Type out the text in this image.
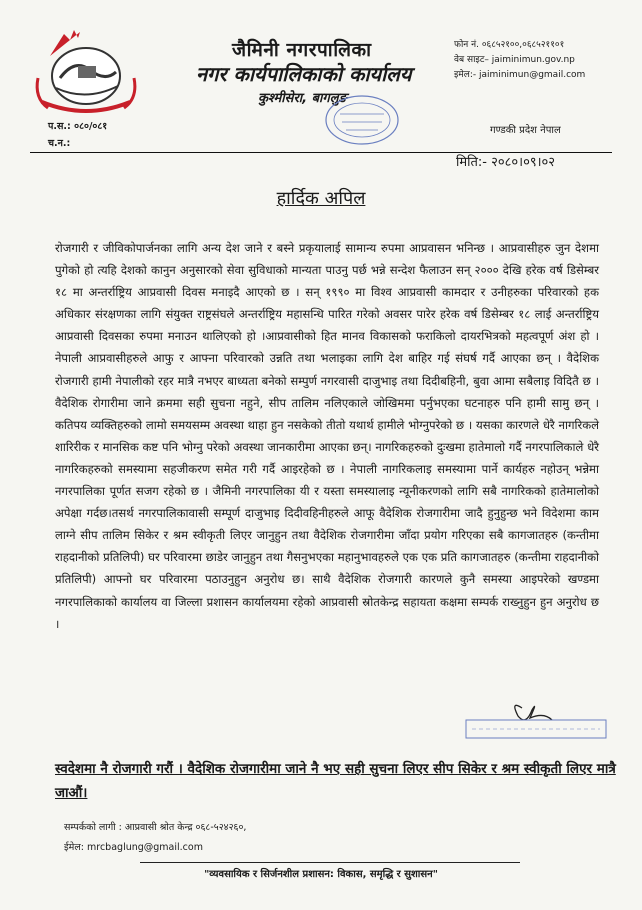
जैमिनी नगरपालिका
नगर कार्यपालिकाको कार्यालय
कुश्मीसेरा, बागलुङ
फोन नं. ०६८५२१००,०६८५२११०१
वेब साइट– jaiminimun.gov.np
इमेल:- jaiminimun@gmail.com
प.स.: ०८०/०८१
च.न.:
गण्डकी प्रदेश नेपाल
मिति:- २०८०।०९।०२
हार्दिक अपिल
रोजगारी र जीविकोपार्जनका लागि अन्य देश जाने र बस्ने प्रकृयालाई सामान्य रुपमा आप्रवासन भनिन्छ । आप्रवासीहरु जुन देशमा पुगेको हो त्यहि देशको कानुन अनुसारको सेवा सुविधाको मान्यता पाउनु पर्छ भन्ने सन्देश फैलाउन सन् २००० देखि हरेक वर्ष डिसेम्बर १८ मा अन्तर्राष्ट्रिय आप्रवासी दिवस मनाइदै आएको छ । सन् १९९० मा विश्व आप्रवासी कामदार र उनीहरुका परिवारको हक अधिकार संरक्षणका लागि संयुक्त राष्ट्रसंघले अन्तर्राष्ट्रिय महासन्धि पारित गरेको अवसर पारेर हरेक वर्ष डिसेम्बर १८ लाई अन्तर्राष्ट्रिय आप्रवासी दिवसका रुपमा मनाउन थालिएको हो ।आप्रवासीको हित मानव विकासको फराकिलो दायरभित्रको महत्वपूर्ण अंश हो ।नेपाली आप्रवासीहरुले आफु र आफ्ना परिवारको उन्नति तथा भलाइका लागि देश बाहिर गई संघर्ष गर्दै आएका छन् । वैदेशिक रोजगारी हामी नेपालीको रहर मात्रै नभएर बाध्यता बनेको सम्पुर्ण नगरवासी दाजुभाइ तथा दिदीबहिनी, बुवा आमा सबैलाइ विदितै छ । वैदेशिक रोगारीमा जाने क्रममा सही सुचना नहुने, सीप तालिम नलिएकाले जोखिममा पर्नुभएका घटनाहरु पनि हामी सामु छन् ।कतिपय व्यक्तिहरुको लामो समयसम्म अवस्था थाहा हुन नसकेको तीतो यथार्थ हामीले भोग्नुपरेको छ । यसका कारणले धेरै नागरिकले शारिरीक र मानसिक कष्ट पनि भोग्नु परेको अवस्था जानकारीमा आएका छन्। नागरिकहरुको दुःखमा हातेमालो गर्दै नगरपालिकाले धेरै नागरिकहरुको समस्यामा सहजीकरण समेत गरी गर्दै आइरहेको छ । नेपाली नागरिकलाइ समस्यामा पार्ने कार्यहरु नहोउन् भन्नेमा नगरपालिका पूर्णत सजग रहेको छ । जैमिनी नगरपालिका यी र यस्ता समस्यालाइ न्यूनीकरणको लागि सबै नागरिकको हातेमालोको अपेक्षा गर्दछ।तसर्थ नगरपालिकावासी सम्पूर्ण दाजुभाइ दिदीवहिनीहरुले आफू वैदेशिक रोजगारीमा जादै हुनुहुन्छ भने विदेशमा काम लाग्ने सीप तालिम सिकेर र श्रम स्वीकृती लिएर जानुहुन तथा वैदेशिक रोजगारीमा जाँदा प्रयोग गरिएका सबै कागजातहरु (कन्तीमा राहदानीको प्रतिलिपी) घर परिवारमा छाडेर जानुहुन तथा गैसनुभएका महानुभावहरुले एक एक प्रति कागजातहरु (कन्तीमा राहदानीको प्रतिलिपी) आफ्नो घर परिवारमा पठाउनुहुन अनुरोध छ। साथै वैदेशिक रोजगारी कारणले कुनै समस्या आइपरेको खण्डमा नगरपालिकाको कार्यालय वा जिल्ला प्रशासन कार्यालयमा रहेको आप्रवासी स्रोतकेन्द्र सहायता कक्षमा सम्पर्क राख्नुहुन हुन अनुरोध छ ।
स्वदेशमा नै रोजगारी गरौं । वैदेशिक रोजगारीमा जाने नै भए सही सुचना लिएर सीप सिकेर र श्रम स्वीकृती लिएर मात्रै जाऔं।
सम्पर्कको लागी : आप्रवासी श्रोत केन्द्र ०६८-५२४२६०,
ईमेल: mrcbaglung@gmail.com
"व्यवसायिक र सिर्जनशील प्रशासन: विकास, समृद्धि र सुशासन"
